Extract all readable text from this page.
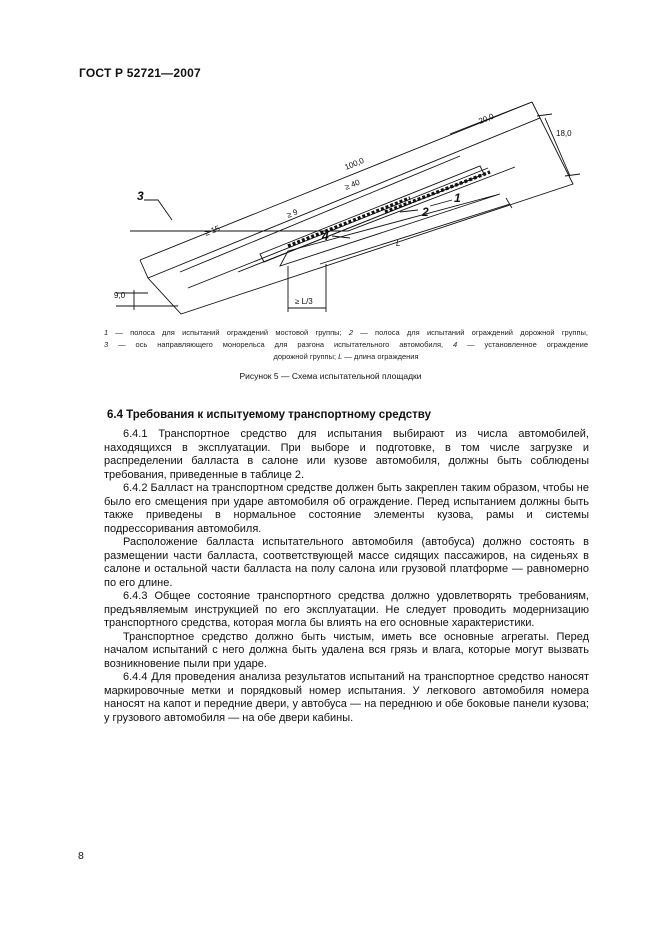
ГОСТ Р 52721—2007
100,0
20,0
18,0
≥ 40
≥ 15
≥ 9
9,0
≥ L/3
L
1
2
3
4
1 — полоса для испытаний ограждений мостовой группы; 2 — полоса для испытаний ограждений дорожной группы,
3 — ось направляющего монорельса для разгона испытательного автомобиля, 4 — установленное ограждение
дорожной группы; L — длина ограждения
Рисунок 5 — Схема испытательной площадки
6.4 Требования к испытуемому транспортному средству

6.4.1 Транспортное средство для испытания выбирают из числа автомобилей, находящихся в эксплуатации. При выборе и подготовке, в том числе загрузке и распределении балласта в салоне или кузове автомобиля, должны быть соблюдены требования, приведенные в таблице 2.

6.4.2 Балласт на транспортном средстве должен быть закреплен таким образом, чтобы не было его смещения при ударе автомобиля об ограждение. Перед испытанием должны быть также приведены в нормальное состояние элементы кузова, рамы и системы подрессоривания автомобиля.

Расположение балласта испытательного автомобиля (автобуса) должно состоять в размещении части балласта, соответствующей массе сидящих пассажиров, на сиденьях в салоне и остальной части балласта на полу салона или грузовой платформе — равномерно по его длине.

6.4.3 Общее состояние транспортного средства должно удовлетворять требованиям, предъявляемым инструкцией по его эксплуатации. Не следует проводить модернизацию транспортного средства, которая могла бы влиять на его основные характеристики.

Транспортное средство должно быть чистым, иметь все основные агрегаты. Перед началом испытаний с него должна быть удалена вся грязь и влага, которые могут вызвать возникновение пыли при ударе.

6.4.4 Для проведения анализа результатов испытаний на транспортное средство наносят маркировочные метки и порядковый номер испытания. У легкового автомобиля номера наносят на капот и передние двери, у автобуса — на переднюю и обе боковые панели кузова; у грузового автомобиля — на обе двери кабины.

8
